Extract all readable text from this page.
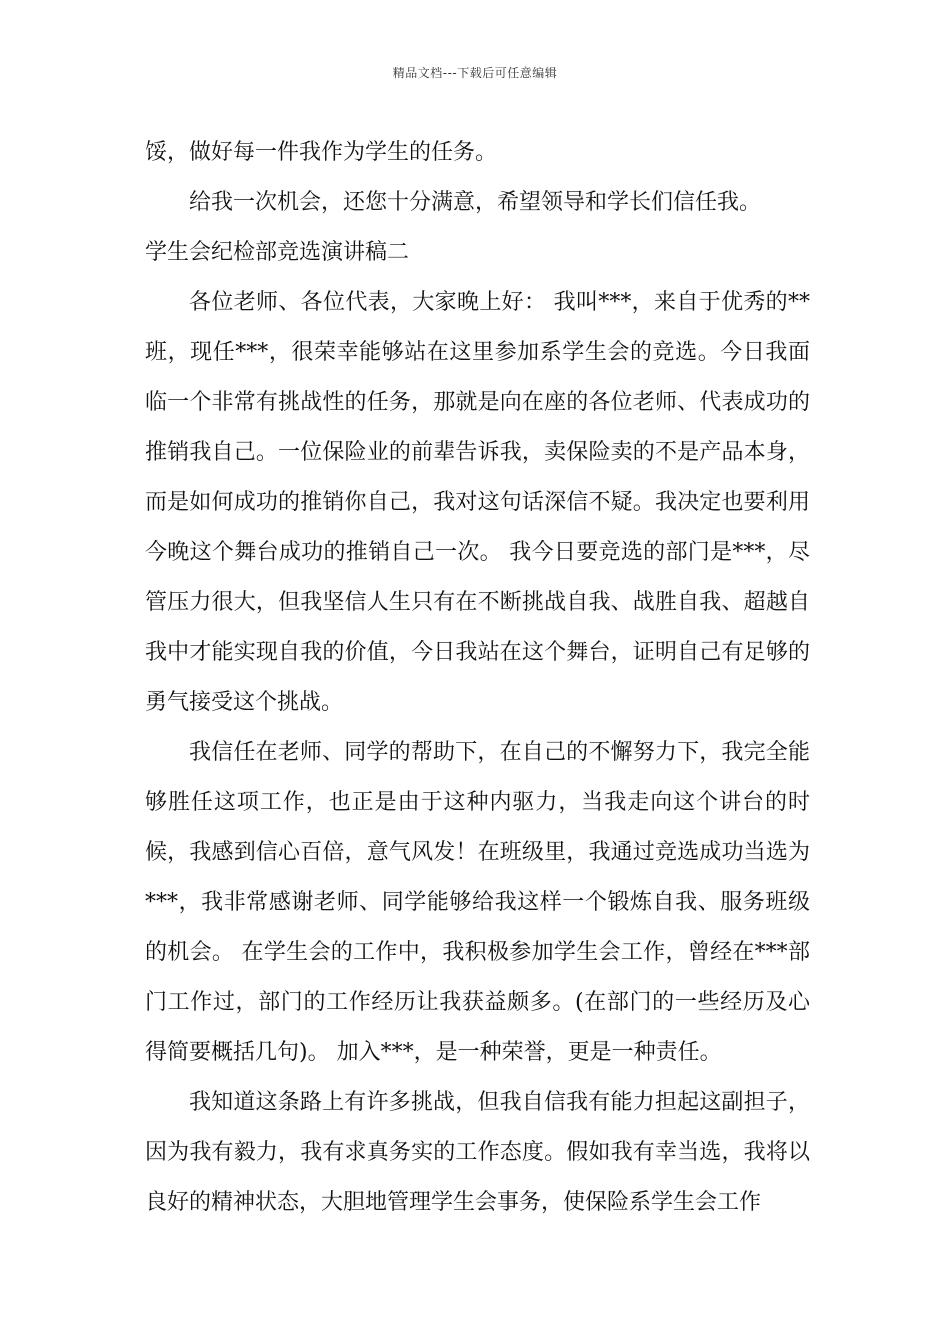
精品文档---下载后可任意编辑

馁，做好每一件我作为学生的任务。

给我一次机会，还您十分满意，希望领导和学长们信任我。

学生会纪检部竞选演讲稿二

各位老师、各位代表，大家晚上好： 我叫***，来自于优秀的**班，现任***，很荣幸能够站在这里参加系学生会的竞选。今日我面临一个非常有挑战性的任务，那就是向在座的各位老师、代表成功的推销我自己。一位保险业的前辈告诉我，卖保险卖的不是产品本身，而是如何成功的推销你自己，我对这句话深信不疑。我决定也要利用今晚这个舞台成功的推销自己一次。 我今日要竞选的部门是***，尽管压力很大，但我坚信人生只有在不断挑战自我、战胜自我、超越自我中才能实现自我的价值，今日我站在这个舞台，证明自己有足够的勇气接受这个挑战。

我信任在老师、同学的帮助下，在自己的不懈努力下，我完全能够胜任这项工作，也正是由于这种内驱力，当我走向这个讲台的时候，我感到信心百倍，意气风发！在班级里，我通过竞选成功当选为***，我非常感谢老师、同学能够给我这样一个锻炼自我、服务班级的机会。 在学生会的工作中，我积极参加学生会工作，曾经在***部门工作过，部门的工作经历让我获益颇多。(在部门的一些经历及心得简要概括几句)。 加入***，是一种荣誉，更是一种责任。

我知道这条路上有许多挑战，但我自信我有能力担起这副担子，因为我有毅力，我有求真务实的工作态度。假如我有幸当选，我将以良好的精神状态，大胆地管理学生会事务，使保险系学生会工作
